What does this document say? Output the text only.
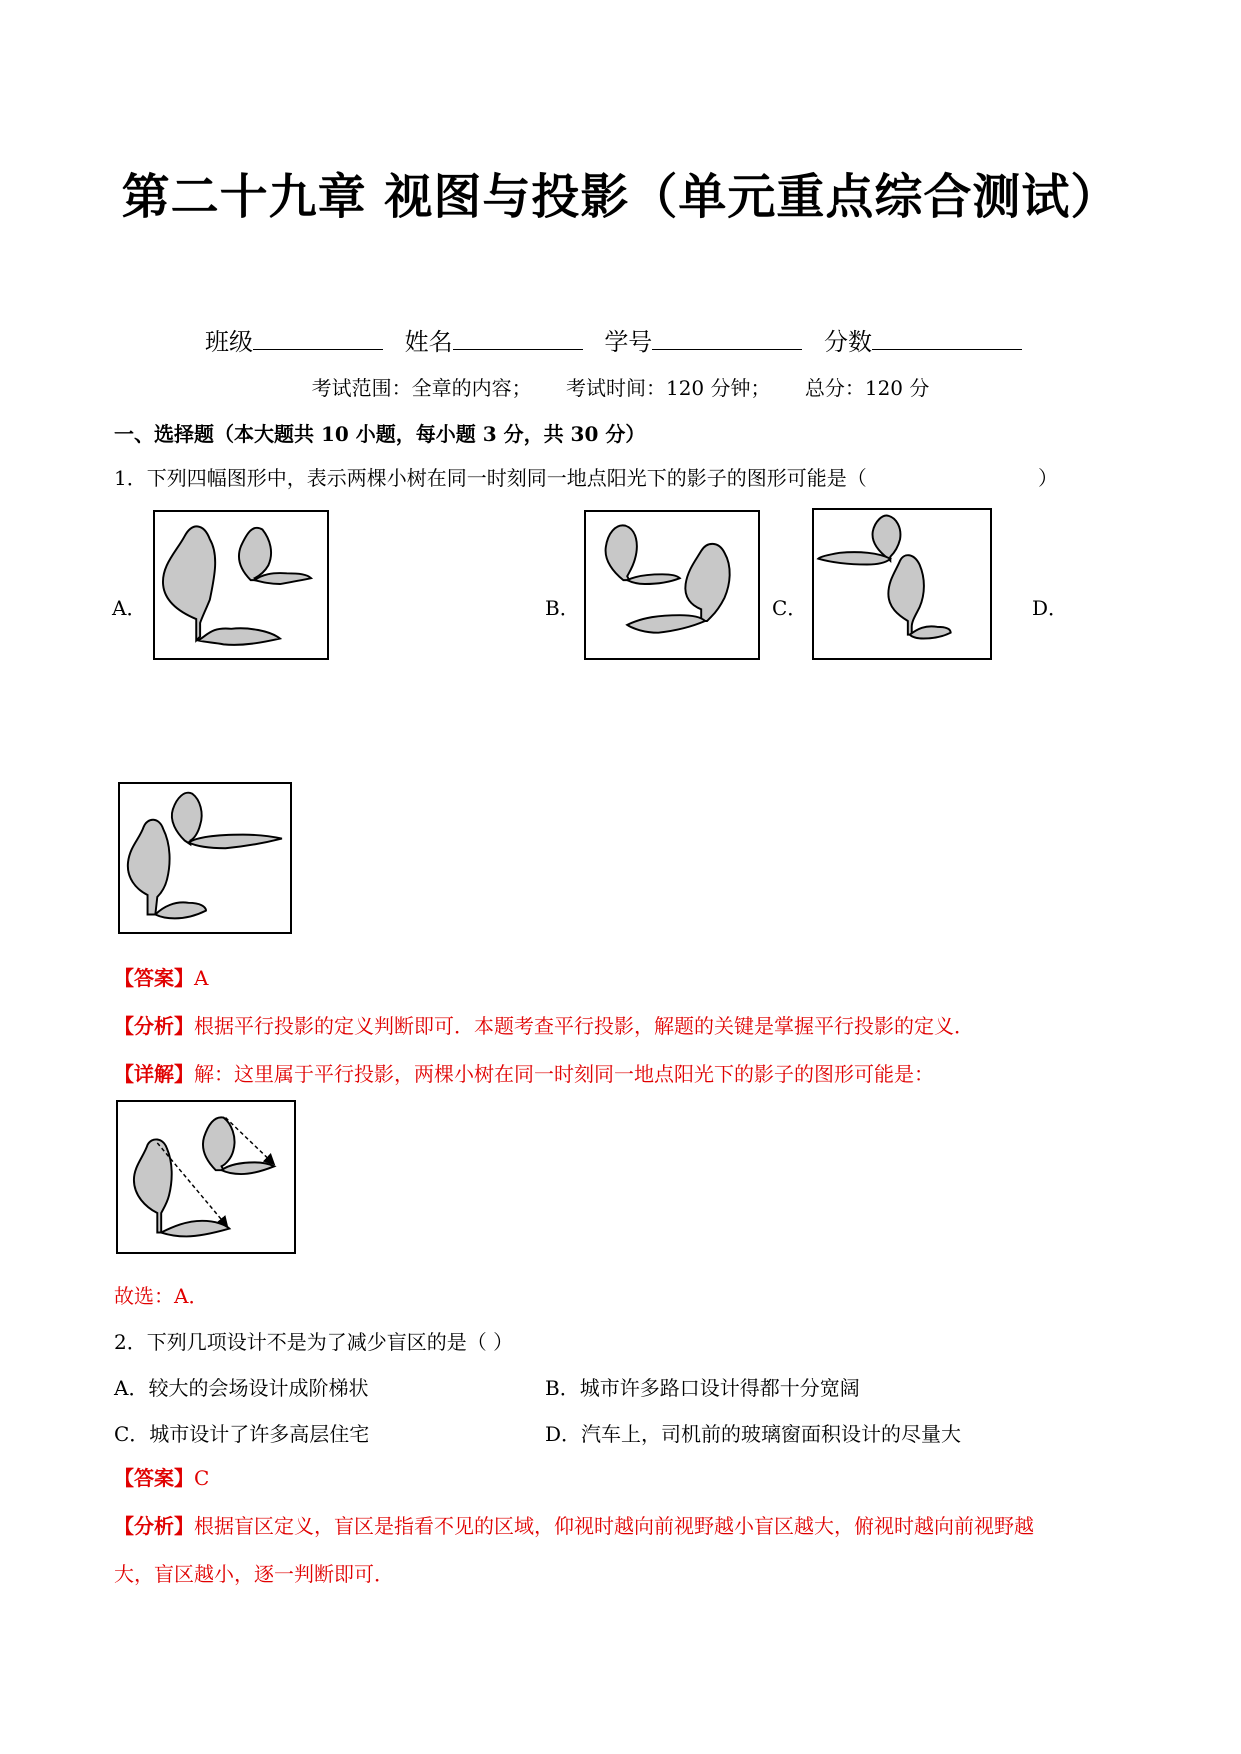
第二十九章 视图与投影（单元重点综合测试）
班级	姓名	学号	分数
考试范围：全章的内容； 考试时间：120 分钟； 总分：120 分
一、选择题（本大题共 10 小题，每小题 3 分，共 30 分）
1．下列四幅图形中，表示两棵小树在同一时刻同一地点阳光下的影子的图形可能是（	）
A．	B．	C．	D．
【答案】A
【分析】根据平行投影的定义判断即可．本题考查平行投影，解题的关键是掌握平行投影的定义．
【详解】解：这里属于平行投影，两棵小树在同一时刻同一地点阳光下的影子的图形可能是：
故选：A．
2．下列几项设计不是为了减少盲区的是（ ）
A．较大的会场设计成阶梯状	B．城市许多路口设计得都十分宽阔
C．城市设计了许多高层住宅	D．汽车上，司机前的玻璃窗面积设计的尽量大
【答案】C
【分析】根据盲区定义，盲区是指看不见的区域，仰视时越向前视野越小盲区越大，俯视时越向前视野越
大，盲区越小，逐一判断即可．
